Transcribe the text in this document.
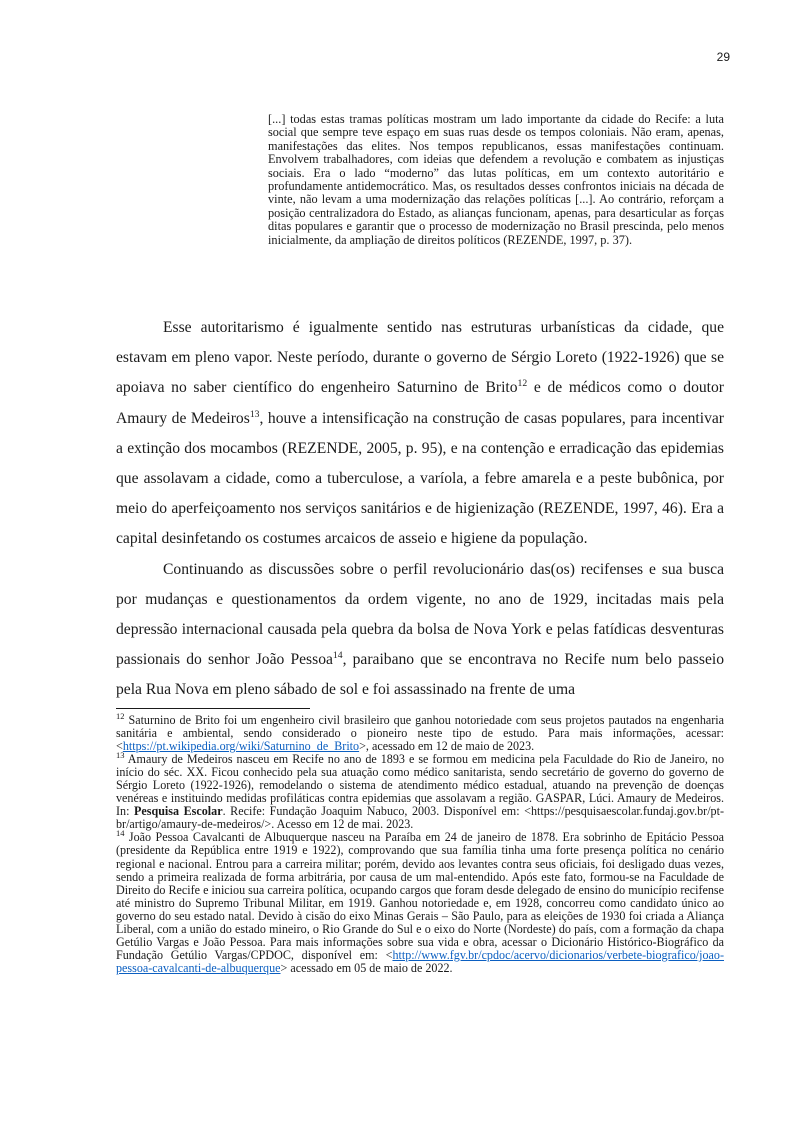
29

[...] todas estas tramas políticas mostram um lado importante da cidade do Recife: a luta social que sempre teve espaço em suas ruas desde os tempos coloniais. Não eram, apenas, manifestações das elites. Nos tempos republicanos, essas manifestações continuam. Envolvem trabalhadores, com ideias que defendem a revolução e combatem as injustiças sociais. Era o lado “moderno” das lutas políticas, em um contexto autoritário e profundamente antidemocrático. Mas, os resultados desses confrontos iniciais na década de vinte, não levam a uma modernização das relações políticas [...]. Ao contrário, reforçam a posição centralizadora do Estado, as alianças funcionam, apenas, para desarticular as forças ditas populares e garantir que o processo de modernização no Brasil prescinda, pelo menos inicialmente, da ampliação de direitos políticos (REZENDE, 1997, p. 37).

Esse autoritarismo é igualmente sentido nas estruturas urbanísticas da cidade, que estavam em pleno vapor. Neste período, durante o governo de Sérgio Loreto (1922-1926) que se apoiava no saber científico do engenheiro Saturnino de Brito$^{12}$ e de médicos como o doutor Amaury de Medeiros$^{13}$, houve a intensificação na construção de casas populares, para incentivar a extinção dos mocambos (REZENDE, 2005, p. 95), e na contenção e erradicação das epidemias que assolavam a cidade, como a tuberculose, a varíola, a febre amarela e a peste bubônica, por meio do aperfeiçoamento nos serviços sanitários e de higienização (REZENDE, 1997, 46). Era a capital desinfetando os costumes arcaicos de asseio e higiene da população.

Continuando as discussões sobre o perfil revolucionário das(os) recifenses e sua busca por mudanças e questionamentos da ordem vigente, no ano de 1929, incitadas mais pela depressão internacional causada pela quebra da bolsa de Nova York e pelas fatídicas desventuras passionais do senhor João Pessoa$^{14}$, paraibano que se encontrava no Recife num belo passeio pela Rua Nova em pleno sábado de sol e foi assassinado na frente de uma

$^{12}$ Saturnino de Brito foi um engenheiro civil brasileiro que ganhou notoriedade com seus projetos pautados na engenharia sanitária e ambiental, sendo considerado o pioneiro neste tipo de estudo. Para mais informações, acessar: <https://pt.wikipedia.org/wiki/Saturnino_de_Brito>, acessado em 12 de maio de 2023.

$^{13}$ Amaury de Medeiros nasceu em Recife no ano de 1893 e se formou em medicina pela Faculdade do Rio de Janeiro, no início do séc. XX. Ficou conhecido pela sua atuação como médico sanitarista, sendo secretário de governo do governo de Sérgio Loreto (1922-1926), remodelando o sistema de atendimento médico estadual, atuando na prevenção de doenças venéreas e instituindo medidas profiláticas contra epidemias que assolavam a região. GASPAR, Lúci. Amaury de Medeiros. In: Pesquisa Escolar. Recife: Fundação Joaquim Nabuco, 2003. Disponível em: <https://pesquisaescolar.fundaj.gov.br/pt-br/artigo/amaury-de-medeiros/>. Acesso em 12 de mai. 2023.

$^{14}$ João Pessoa Cavalcanti de Albuquerque nasceu na Paraíba em 24 de janeiro de 1878. Era sobrinho de Epitácio Pessoa (presidente da República entre 1919 e 1922), comprovando que sua família tinha uma forte presença política no cenário regional e nacional. Entrou para a carreira militar; porém, devido aos levantes contra seus oficiais, foi desligado duas vezes, sendo a primeira realizada de forma arbitrária, por causa de um mal-entendido. Após este fato, formou-se na Faculdade de Direito do Recife e iniciou sua carreira política, ocupando cargos que foram desde delegado de ensino do município recifense até ministro do Supremo Tribunal Militar, em 1919. Ganhou notoriedade e, em 1928, concorreu como candidato único ao governo do seu estado natal. Devido à cisão do eixo Minas Gerais – São Paulo, para as eleições de 1930 foi criada a Aliança Liberal, com a união do estado mineiro, o Rio Grande do Sul e o eixo do Norte (Nordeste) do país, com a formação da chapa Getúlio Vargas e João Pessoa. Para mais informações sobre sua vida e obra, acessar o Dicionário Histórico-Biográfico da Fundação Getúlio Vargas/CPDOC, disponível em: <http://www.fgv.br/cpdoc/acervo/dicionarios/verbete-biografico/joao-pessoa-cavalcanti-de-albuquerque> acessado em 05 de maio de 2022.
